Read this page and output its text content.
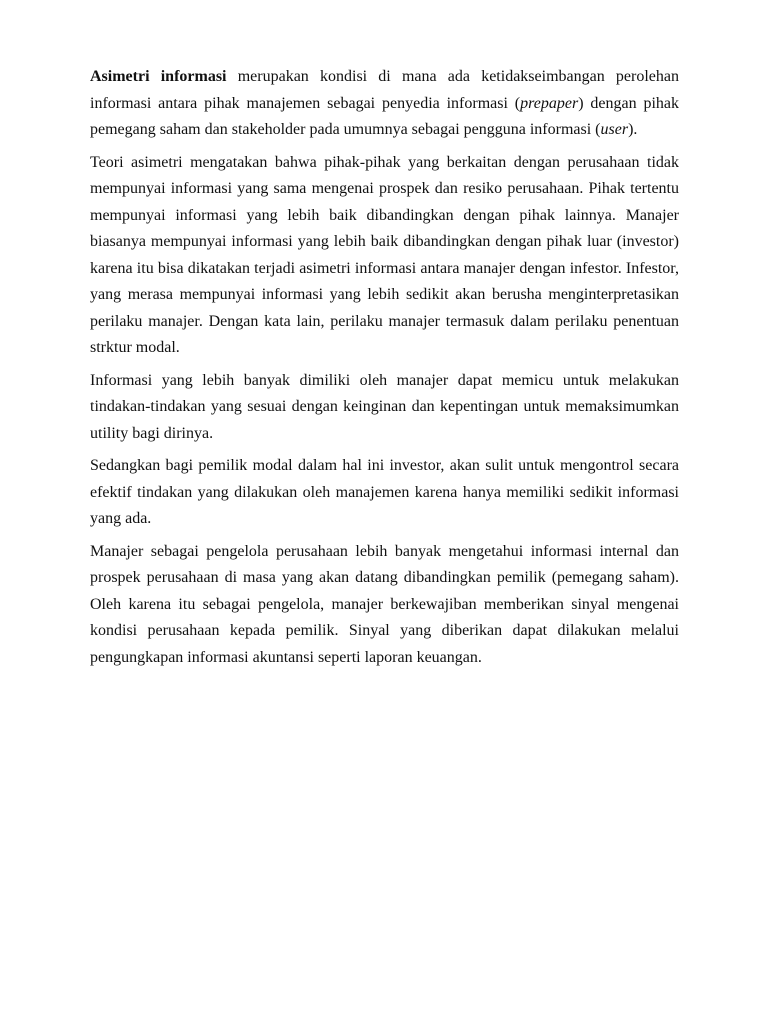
Asimetri informasi merupakan kondisi di mana ada ketidakseimbangan perolehan informasi antara pihak manajemen sebagai penyedia informasi (prepaper) dengan pihak pemegang saham dan stakeholder pada umumnya sebagai pengguna informasi (user).

Teori asimetri mengatakan bahwa pihak-pihak yang berkaitan dengan perusahaan tidak mempunyai informasi yang sama mengenai prospek dan resiko perusahaan. Pihak tertentu mempunyai informasi yang lebih baik dibandingkan dengan pihak lainnya. Manajer biasanya mempunyai informasi yang lebih baik dibandingkan dengan pihak luar (investor) karena itu bisa dikatakan terjadi asimetri informasi antara manajer dengan infestor. Infestor, yang merasa mempunyai informasi yang lebih sedikit akan berusha menginterpretasikan perilaku manajer. Dengan kata lain, perilaku manajer termasuk dalam perilaku penentuan strktur modal.

Informasi yang lebih banyak dimiliki oleh manajer dapat memicu untuk melakukan tindakan-tindakan yang sesuai dengan keinginan dan kepentingan untuk memaksimumkan utility bagi dirinya.

Sedangkan bagi pemilik modal dalam hal ini investor, akan sulit untuk mengontrol secara efektif tindakan yang dilakukan oleh manajemen karena hanya memiliki sedikit informasi yang ada.

Manajer sebagai pengelola perusahaan lebih banyak mengetahui informasi internal dan prospek perusahaan di masa yang akan datang dibandingkan pemilik (pemegang saham). Oleh karena itu sebagai pengelola, manajer berkewajiban memberikan sinyal mengenai kondisi perusahaan kepada pemilik. Sinyal yang diberikan dapat dilakukan melalui pengungkapan informasi akuntansi seperti laporan keuangan.
